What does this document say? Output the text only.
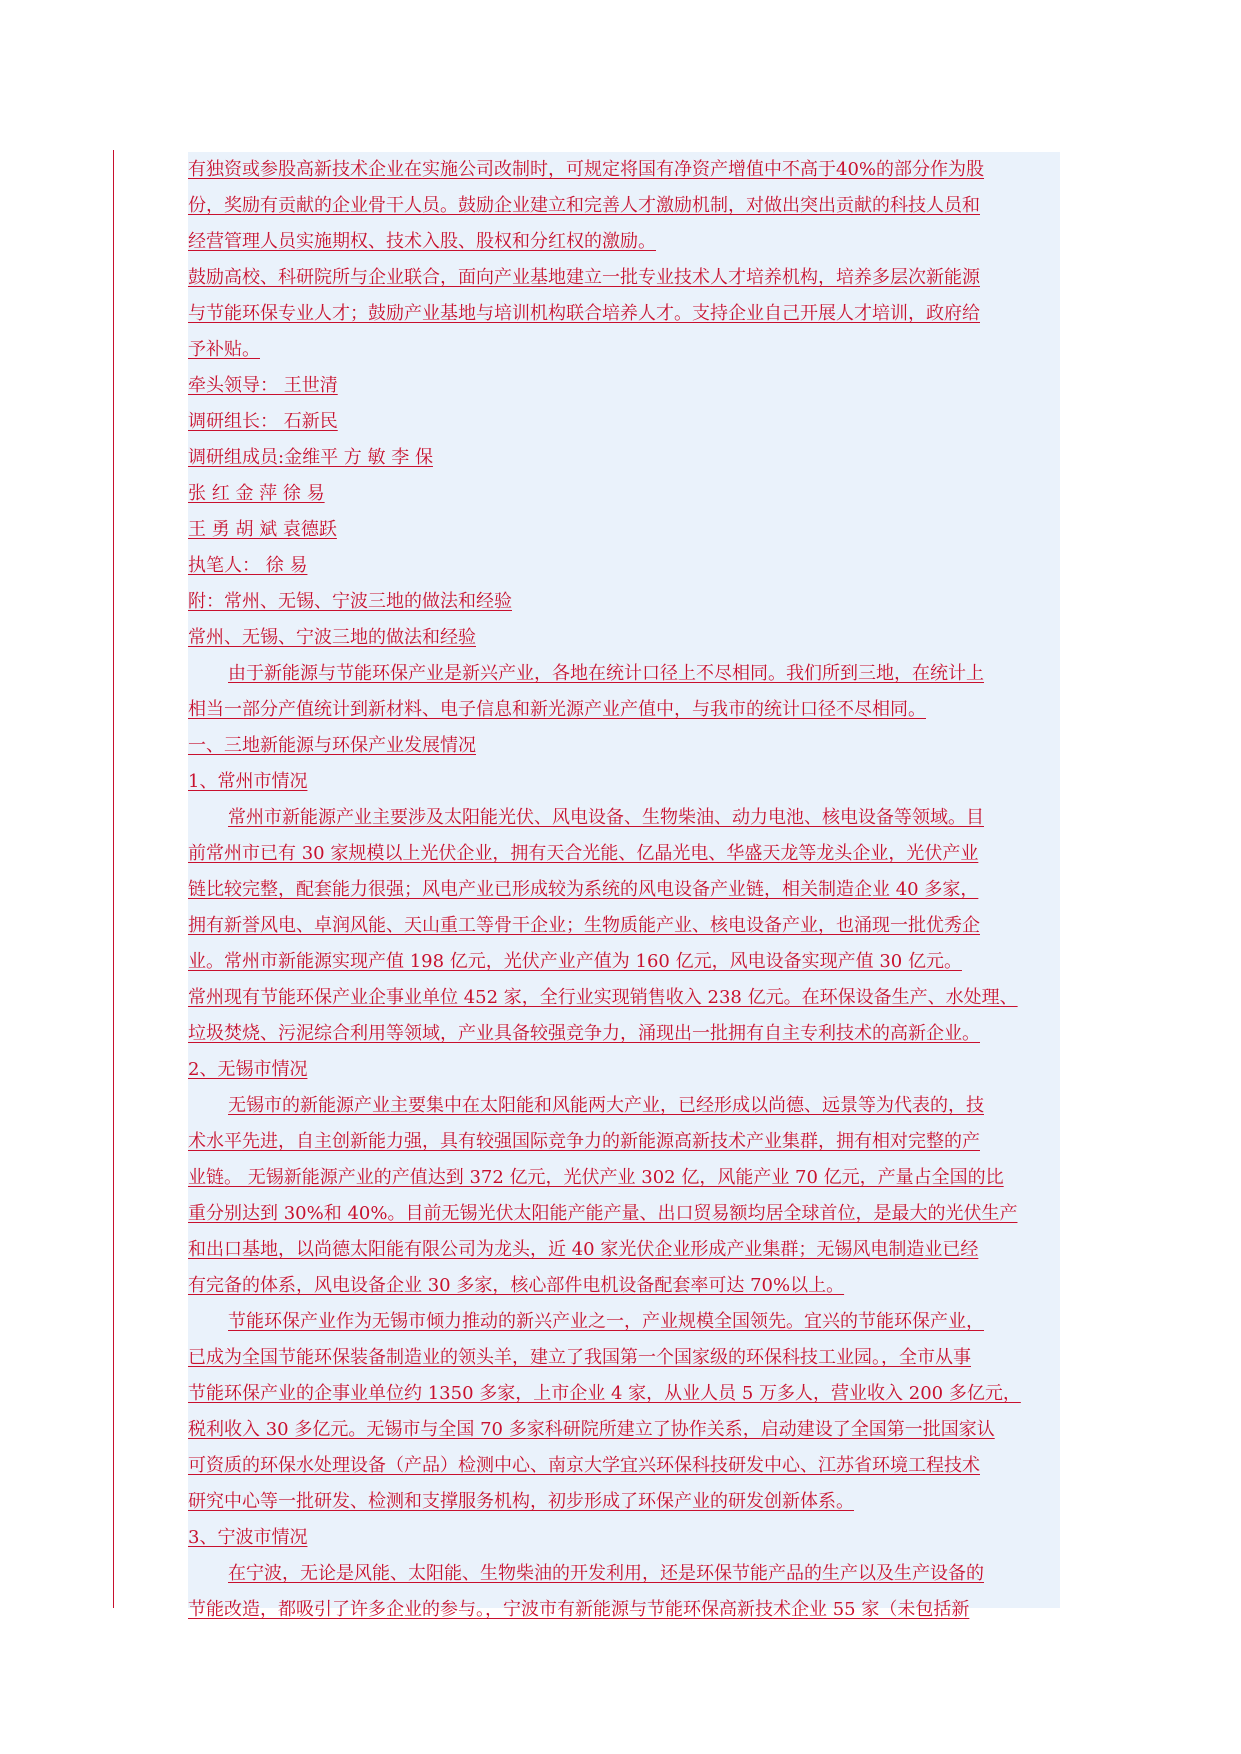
有独资或参股高新技术企业在实施公司改制时，可规定将国有净资产增值中不高于40%的部分作为股
份，奖励有贡献的企业骨干人员。鼓励企业建立和完善人才激励机制，对做出突出贡献的科技人员和
经营管理人员实施期权、技术入股、股权和分红权的激励。
鼓励高校、科研院所与企业联合，面向产业基地建立一批专业技术人才培养机构，培养多层次新能源
与节能环保专业人才；鼓励产业基地与培训机构联合培养人才。支持企业自己开展人才培训，政府给
予补贴。
牵头领导： 王世清
调研组长： 石新民
调研组成员:金维平 方 敏 李 保
张 红 金 萍 徐 易
王 勇 胡 斌 袁德跃
执笔人： 徐 易
附：常州、无锡、宁波三地的做法和经验
常州、无锡、宁波三地的做法和经验
由于新能源与节能环保产业是新兴产业，各地在统计口径上不尽相同。我们所到三地，在统计上
相当一部分产值统计到新材料、电子信息和新光源产业产值中，与我市的统计口径不尽相同。
一、三地新能源与环保产业发展情况
1、常州市情况
常州市新能源产业主要涉及太阳能光伏、风电设备、生物柴油、动力电池、核电设备等领域。目
前常州市已有 30 家规模以上光伏企业，拥有天合光能、亿晶光电、华盛天龙等龙头企业，光伏产业
链比较完整，配套能力很强；风电产业已形成较为系统的风电设备产业链，相关制造企业 40 多家，
拥有新誉风电、卓润风能、天山重工等骨干企业；生物质能产业、核电设备产业，也涌现一批优秀企
业。常州市新能源实现产值 198 亿元，光伏产业产值为 160 亿元，风电设备实现产值 30 亿元。
常州现有节能环保产业企事业单位 452 家，全行业实现销售收入 238 亿元。在环保设备生产、水处理、
垃圾焚烧、污泥综合利用等领域，产业具备较强竞争力，涌现出一批拥有自主专利技术的高新企业。
2、无锡市情况
无锡市的新能源产业主要集中在太阳能和风能两大产业，已经形成以尚德、远景等为代表的，技
术水平先进，自主创新能力强，具有较强国际竞争力的新能源高新技术产业集群，拥有相对完整的产
业链。 无锡新能源产业的产值达到 372 亿元，光伏产业 302 亿，风能产业 70 亿元，产量占全国的比
重分别达到 30%和 40%。目前无锡光伏太阳能产能产量、出口贸易额均居全球首位，是最大的光伏生产
和出口基地，以尚德太阳能有限公司为龙头，近 40 家光伏企业形成产业集群；无锡风电制造业已经
有完备的体系，风电设备企业 30 多家，核心部件电机设备配套率可达 70%以上。
节能环保产业作为无锡市倾力推动的新兴产业之一，产业规模全国领先。宜兴的节能环保产业，
已成为全国节能环保装备制造业的领头羊，建立了我国第一个国家级的环保科技工业园。，全市从事
节能环保产业的企事业单位约 1350 多家，上市企业 4 家，从业人员 5 万多人，营业收入 200 多亿元，
税利收入 30 多亿元。无锡市与全国 70 多家科研院所建立了协作关系，启动建设了全国第一批国家认
可资质的环保水处理设备（产品）检测中心、南京大学宜兴环保科技研发中心、江苏省环境工程技术
研究中心等一批研发、检测和支撑服务机构，初步形成了环保产业的研发创新体系。
3、宁波市情况
在宁波，无论是风能、太阳能、生物柴油的开发利用，还是环保节能产品的生产以及生产设备的
节能改造，都吸引了许多企业的参与。，宁波市有新能源与节能环保高新技术企业 55 家（未包括新
